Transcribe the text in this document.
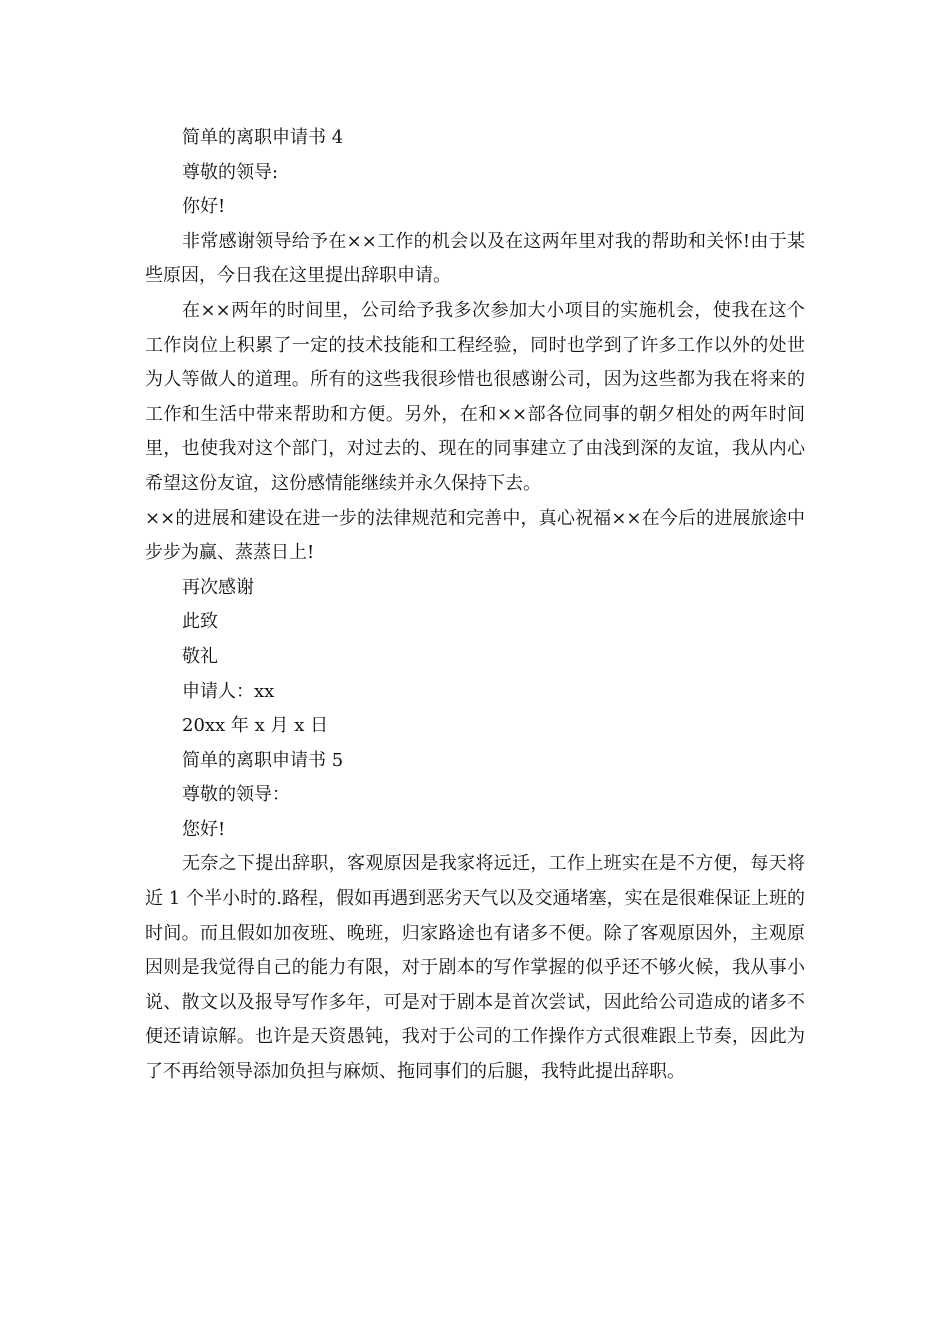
简单的离职申请书 4
尊敬的领导:
你好!
非常感谢领导给予在××工作的机会以及在这两年里对我的帮助和关怀!由于某些原因，今日我在这里提出辞职申请。
在××两年的时间里，公司给予我多次参加大小项目的实施机会，使我在这个工作岗位上积累了一定的技术技能和工程经验，同时也学到了许多工作以外的处世为人等做人的道理。所有的这些我很珍惜也很感谢公司，因为这些都为我在将来的工作和生活中带来帮助和方便。另外，在和××部各位同事的朝夕相处的两年时间里，也使我对这个部门，对过去的、现在的同事建立了由浅到深的友谊，我从内心希望这份友谊，这份感情能继续并永久保持下去。
××的进展和建设在进一步的法律规范和完善中，真心祝福××在今后的进展旅途中步步为赢、蒸蒸日上!
再次感谢
此致
敬礼
申请人：xx
20xx 年 x 月 x 日
简单的离职申请书 5
尊敬的领导：
您好!
无奈之下提出辞职，客观原因是我家将远迁，工作上班实在是不方便，每天将近 1 个半小时的.路程，假如再遇到恶劣天气以及交通堵塞，实在是很难保证上班的时间。而且假如加夜班、晚班，归家路途也有诸多不便。除了客观原因外，主观原因则是我觉得自己的能力有限，对于剧本的写作掌握的似乎还不够火候，我从事小说、散文以及报导写作多年，可是对于剧本是首次尝试，因此给公司造成的诸多不便还请谅解。也许是天资愚钝，我对于公司的工作操作方式很难跟上节奏，因此为了不再给领导添加负担与麻烦、拖同事们的后腿，我特此提出辞职。
